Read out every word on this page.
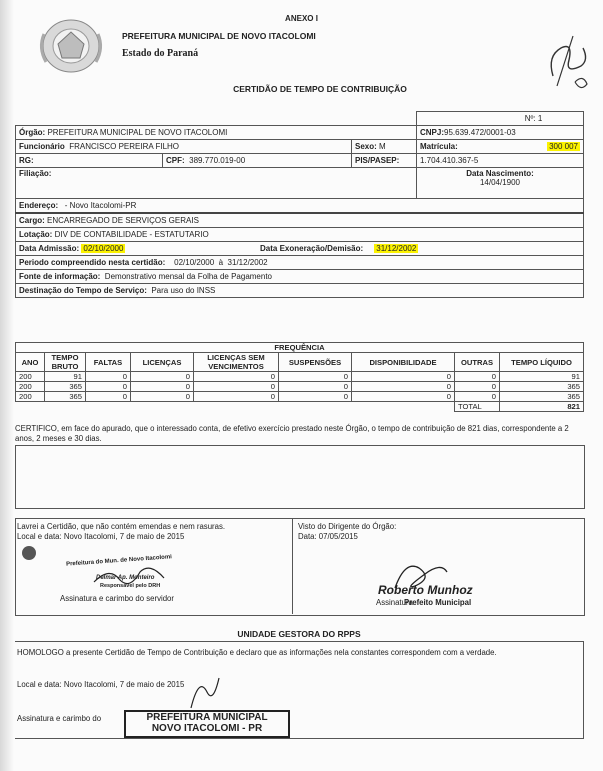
ANEXO I
PREFEITURA MUNICIPAL DE NOVO ITACOLOMI
Estado do Paraná
CERTIDÃO DE TEMPO DE CONTRIBUIÇÃO
				Nº: 1
Órgão: PREFEITURA MUNICIPAL DE NOVO ITACOLOMI				CNPJ:95.639.472/0001-03
Funcionário FRANCISCO PEREIRA FILHO			Sexo: M	Matrícula: 300 007

RG:	CPF: 389.770.019-00		PIS/PASEP:	1.704.410.367-5
Filiação:				Data Nascimento:
14/04/1900
Endereço: - Novo Itacolomi-PR				
Cargo: ENCARREGADO DE SERVIÇOS GERAIS				
Lotação: DIV DE CONTABILIDADE - ESTATUTARIO				
Data Admissão: 02/10/2000		Data Exoneração/Demisão: 31/12/2002		
Periodo compreendido nesta certidão: 02/10/2000 à 31/12/2002				
Fonte de informação: Demonstrativo mensal da Folha de Pagamento				
Destinação do Tempo de Serviço: Para uso do INSS				
FREQUÊNCIA								
ANO	TEMPO BRUTO	FALTAS	LICENÇAS	LICENÇAS SEM VENCIMENTOS	SUSPENSÕES	DISPONIBILIDADE	OUTRAS	TEMPO LÍQUIDO
200	91	0	0	0	0	0	0	91
200	365	0	0	0	0	0	0	365
200	365	0	0	0	0	0	0	365
							TOTAL	821
CERTIFICO, em face do apurado, que o interessado conta, de efetivo exercício prestado neste Órgão, o tempo de contribuição de 821 dias, correspondente a 2 anos, 2 meses e 30 dias.
Lavrei a Certidão, que não contém emendas e nem rasuras.
Local e data: Novo Itacolomi, 7 de maio de 2015
Prefeitura do Mun. de Novo Itacolomi
Delmar Ap. Monteiro
Responsável pelo DRH
Assinatura e carimbo do servidor
Visto do Dirigente do Órgão:
Data: 07/05/2015
Roberto Munhoz
Assinatura
Prefeito Municipal
UNIDADE GESTORA DO RPPS
HOMOLOGO a presente Certidão de Tempo de Contribuição e declaro que as informações nela constantes correspondem com a verdade.
Local e data: Novo Itacolomi, 7 de maio de 2015
Assinatura e carimbo do	PREFEITURA MUNICIPAL
NOVO ITACOLOMI - PR
